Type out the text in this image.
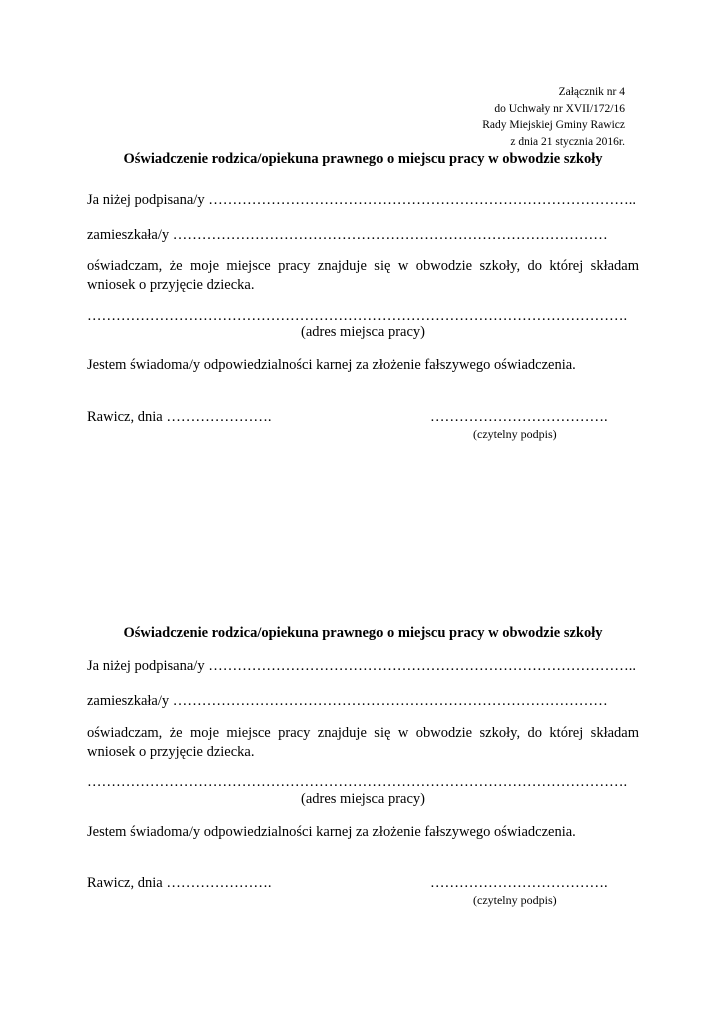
Załącznik nr 4
do Uchwały nr XVII/172/16
Rady Miejskiej Gminy Rawicz
z dnia 21 stycznia 2016r.

Oświadczenie rodzica/opiekuna prawnego o miejscu pracy w obwodzie szkoły

Ja niżej podpisana/y ……………………………………………………………………………..
zamieszkała/y ………………………………………………………………………………
oświadczam, że moje miejsce pracy znajduje się w obwodzie szkoły, do której składam wniosek o przyjęcie dziecka.
………………………………………………………………………………………………….
(adres miejsca pracy)
Jestem świadoma/y odpowiedzialności karnej za złożenie fałszywego oświadczenia.
Rawicz, dnia ………………….	……………………………….
(czytelny podpis)

Oświadczenie rodzica/opiekuna prawnego o miejscu pracy w obwodzie szkoły

Ja niżej podpisana/y ……………………………………………………………………………..
zamieszkała/y ………………………………………………………………………………
oświadczam, że moje miejsce pracy znajduje się w obwodzie szkoły, do której składam wniosek o przyjęcie dziecka.
………………………………………………………………………………………………….
(adres miejsca pracy)
Jestem świadoma/y odpowiedzialności karnej za złożenie fałszywego oświadczenia.
Rawicz, dnia ………………….	……………………………….
(czytelny podpis)
